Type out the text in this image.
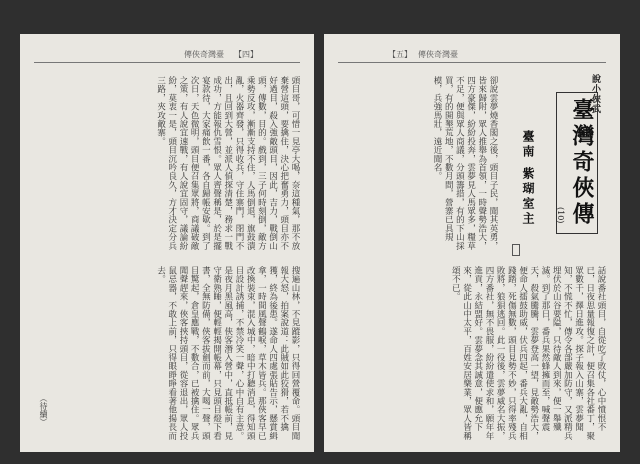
傳俠奇灣臺 【四】
頭目哥，可惜一見亭大喝，奈這種氣，那不放棄營這頭，要擒住，決心把奮勇力，頭目亦不好過目，殺入強敵頭目，因此，吉力，戰倒山頭，傳數，目的。戲到，三子何時刻倒，敵方乘勢反攻，漸漸支持不住，人馬倒退，旗鼓潰亂，火器齊發，只得收兵，守住寨門，閉門不出，且回到大營，並派人偵探清楚，務求一戰成功，方能報仇雪恨。眾人齊聲稱是，於是擺宴款待，大家痛飲一番，各自歸帳安歇。到了次日，天色微明，頭目便召集眾將，商議破敵之策，有人說宜速戰，有人說宜固守，議論紛紛，莫衷一是，頭目沉吟良久，方才決定分兵三路，夾攻敵寨。
搜遍山林，不見蹤影，只得回營覆命。頭目聞報大怒，拍案說道：此賊如此狡猾，若不擒獲，終為後患。遂命人四處張貼告示，懸賞緝拿，一時間風聲鶴唳，草木皆兵。那俠客早已改換裝束，混入城中，暗中打聽消息，得知頭目設計誘捕，不禁冷笑一聲，心中自有主意。是夜月黑風高，俠客潛入營中，直抵帳前，見守衛熟睡，便輕輕揭開帳幕，只見頭目燈下看書，全無防備，俠客拔劍而前，大喝一聲，頭目驚起，倉皇應戰，不數合，已被擒住。眾兵聞聲趕來，俠客挾持頭目，從容退出，眾人投鼠忌器，不敢上前，只得眼睜睜看著他揚長而去。
（待續）
【五】 傳俠奇灣臺
說小俠武
臺灣奇俠傳
(10)
臺南 紫瑚室主
卻說雲夢燒香閣之後，頭目子民，聞其英勇，皆來歸附，眾人推舉為首領，一時聲勢浩大，四方豪傑，紛紛投奔，雲夢見人馬眾多，糧草不足，便與眾人商議，分頭籌措，有的下山採買，有的開墾荒地，不數月間，營寨已具規模，兵強馬壯，遠近聞名。
話說番社頭目，自從吃了敗仗，心中憤恨不已，日夜思量報復之計，便召集各社番丁，聚眾數千，擇日進攻。探子報入山寨，雲夢聞知，不慌不忙，傳令各部嚴加防守，又派精兵埋伏於山谷要隘，只待敵人到來，便一舉殲滅。到了那日，番兵果然蜂擁而至，喊聲震天，殺氣騰騰，雲夢登高一望，見敵勢浩大，便命人擂鼓助威，伏兵四起，番兵大亂，自相踐踏，死傷無數，頭目見勢不妙，只得率殘兵敗將，狼狽逃回。此一役後，雲夢威名大振，四方番社，無不畏服，紛紛遣使求和，願年年進貢，永結盟好。雲夢念其誠意，便應允下來，從此山中太平，百姓安居樂業，眾人皆稱頌不已。
